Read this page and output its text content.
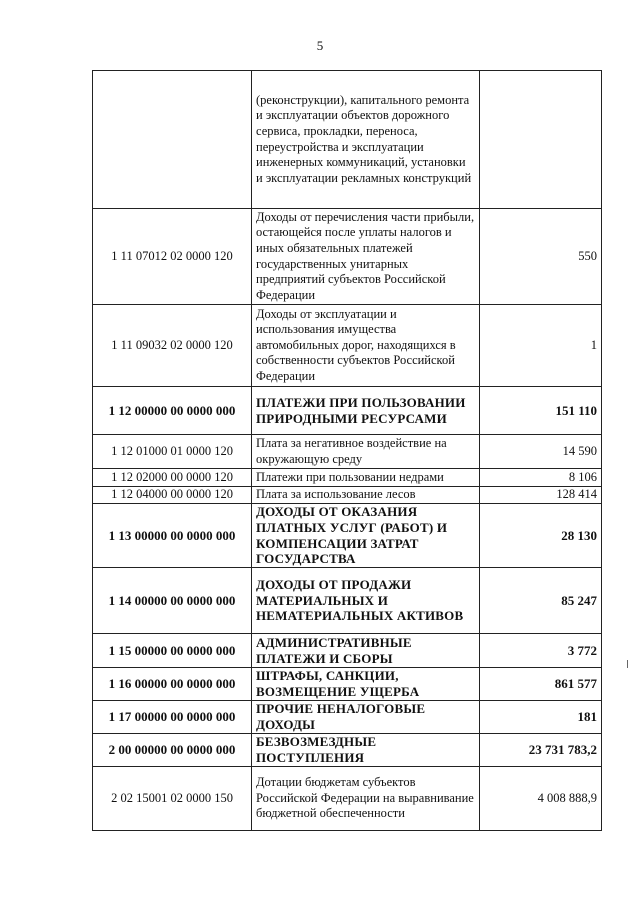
5
	(реконструкции), капитального ремонта и эксплуатации объектов дорожного сервиса, прокладки, переноса, переустройства и эксплуатации инженерных коммуникаций, установки и эксплуатации рекламных конструкций	
1 11 07012 02 0000 120	Доходы от перечисления части прибыли, остающейся после уплаты налогов и иных обязательных платежей государственных унитарных предприятий субъектов Российской Федерации	550
1 11 09032 02 0000 120	Доходы от эксплуатации и использования имущества автомобильных дорог, находящихся в собственности субъектов Российской Федерации	1
1 12 00000 00 0000 000	ПЛАТЕЖИ ПРИ ПОЛЬЗОВАНИИ ПРИРОДНЫМИ РЕСУРСАМИ	151 110
1 12 01000 01 0000 120	Плата за негативное воздействие на окружающую среду	14 590
1 12 02000 00 0000 120	Платежи при пользовании недрами	8 106
1 12 04000 00 0000 120	Плата за использование лесов	128 414
1 13 00000 00 0000 000	ДОХОДЫ ОТ ОКАЗАНИЯ ПЛАТНЫХ УСЛУГ (РАБОТ) И КОМПЕНСАЦИИ ЗАТРАТ ГОСУДАРСТВА	28 130
1 14 00000 00 0000 000	ДОХОДЫ ОТ ПРОДАЖИ МАТЕРИАЛЬНЫХ И НЕМАТЕРИАЛЬНЫХ АКТИВОВ	85 247
1 15 00000 00 0000 000	АДМИНИСТРАТИВНЫЕ ПЛАТЕЖИ И СБОРЫ	3 772
1 16 00000 00 0000 000	ШТРАФЫ, САНКЦИИ, ВОЗМЕЩЕНИЕ УЩЕРБА	861 577
1 17 00000 00 0000 000	ПРОЧИЕ НЕНАЛОГОВЫЕ ДОХОДЫ	181
2 00 00000 00 0000 000	БЕЗВОЗМЕЗДНЫЕ ПОСТУПЛЕНИЯ	23 731 783,2
2 02 15001 02 0000 150	Дотации бюджетам субъектов Российской Федерации на выравнивание бюджетной обеспеченности	4 008 888,9
